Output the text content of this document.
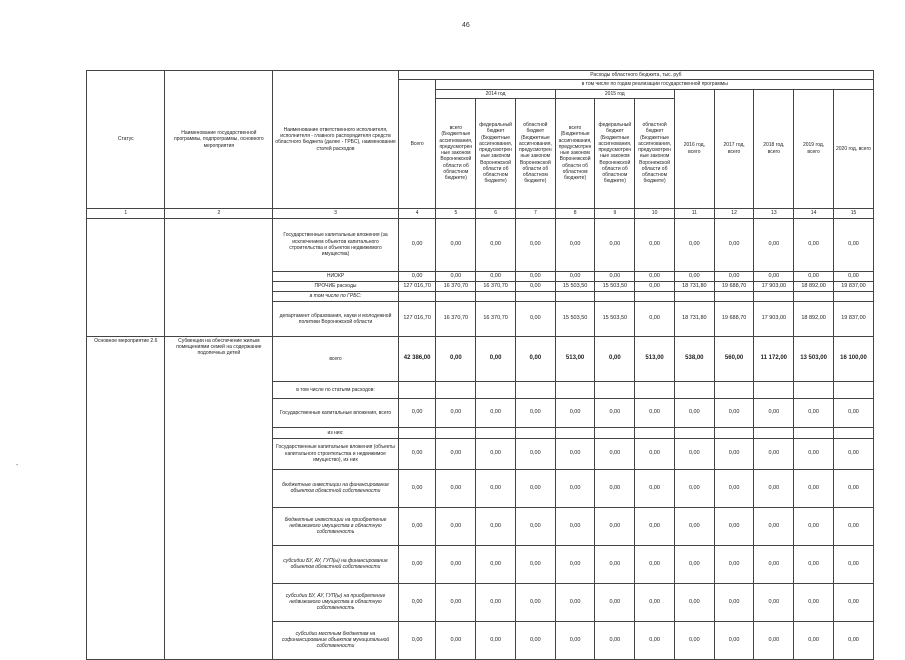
46
-
Статус	Наименование государственной программы, подпрограммы, основного мероприятия	Наименование ответственного исполнителя, исполнителя - главного распорядителя средств областного бюджета (далее - ГРБС), наименование статей расходов	Расходы областного бюджета, тыс. руб											
			Всего	в том числе по годам реализации государственной программы										
				2014 год			2015 год			2016 год, всего	2017 год, всего	2018 год, всего	2019 год, всего	2020 год, всего
				всего (Бюджетные ассигнования, предусмотренные законом Воронежской области об областном бюджете)	федеральный бюджет (Бюджетные ассигнования, предусмотренные законом Воронежской области об областном бюджете)	областной бюджет (Бюджетные ассигнования, предусмотренные законом Воронежской области об областном бюджете)	всего (Бюджетные ассигнования, предусмотренные законом Воронежской области об областном бюджете)	федеральный бюджет (Бюджетные ассигнования, предусмотренные законом Воронежской области об областном бюджете)	областной бюджет (Бюджетные ассигнования, предусмотренные законом Воронежской области об областном бюджете)					
1	2	3	4	5	6	7	8	9	10	11	12	13	14	15
		Государственные капитальные вложения (за исключением объектов капитального строительства и объектов недвижимого имущества)	0,00	0,00	0,00	0,00	0,00	0,00	0,00	0,00	0,00	0,00	0,00	0,00
		НИОКР	0,00	0,00	0,00	0,00	0,00	0,00	0,00	0,00	0,00	0,00	0,00	0,00
		ПРОЧИЕ расходы	127 016,70	16 370,70	16 370,70	0,00	15 503,50	15 503,50	0,00	18 731,80	19 688,70	17 903,00	18 892,00	19 837,00
		в том числе по ГРБС:												
		департамент образования, науки и молодежной политики Воронежской области	127 016,70	16 370,70	16 370,70	0,00	15 503,50	15 503,50	0,00	18 731,80	19 688,70	17 903,00	18 892,00	19 837,00
Основное мероприятие 2.6	Субвенции на обеспечение жилым помещениями семей на содержание подопечных детей	всего	42 386,00	0,00	0,00	0,00	513,00	0,00	513,00	538,00	560,00	11 172,00	13 503,00	16 100,00
		в том числе по статьям расходов:												
		Государственные капитальные вложения, всего	0,00	0,00	0,00	0,00	0,00	0,00	0,00	0,00	0,00	0,00	0,00	0,00
		из них:												
		Государственные капитальные вложения (объекты капитального строительства и недвижимое имущество), из них	0,00	0,00	0,00	0,00	0,00	0,00	0,00	0,00	0,00	0,00	0,00	0,00
		бюджетные инвестиции на финансирование объектов областной собственности	0,00	0,00	0,00	0,00	0,00	0,00	0,00	0,00	0,00	0,00	0,00	0,00
		бюджетные инвестиции на приобретение недвижимого имущества в областную собственность	0,00	0,00	0,00	0,00	0,00	0,00	0,00	0,00	0,00	0,00	0,00	0,00
		субсидии БУ, АУ, ГУП(ы) на финансирование объектов областной собственности	0,00	0,00	0,00	0,00	0,00	0,00	0,00	0,00	0,00	0,00	0,00	0,00
		субсидии БУ, АУ, ГУП(ы) на приобретение недвижимого имущества в областную собственность	0,00	0,00	0,00	0,00	0,00	0,00	0,00	0,00	0,00	0,00	0,00	0,00
		субсидии местным бюджетам на софинансирование объектов муниципальной собственности	0,00	0,00	0,00	0,00	0,00	0,00	0,00	0,00	0,00	0,00	0,00	0,00
